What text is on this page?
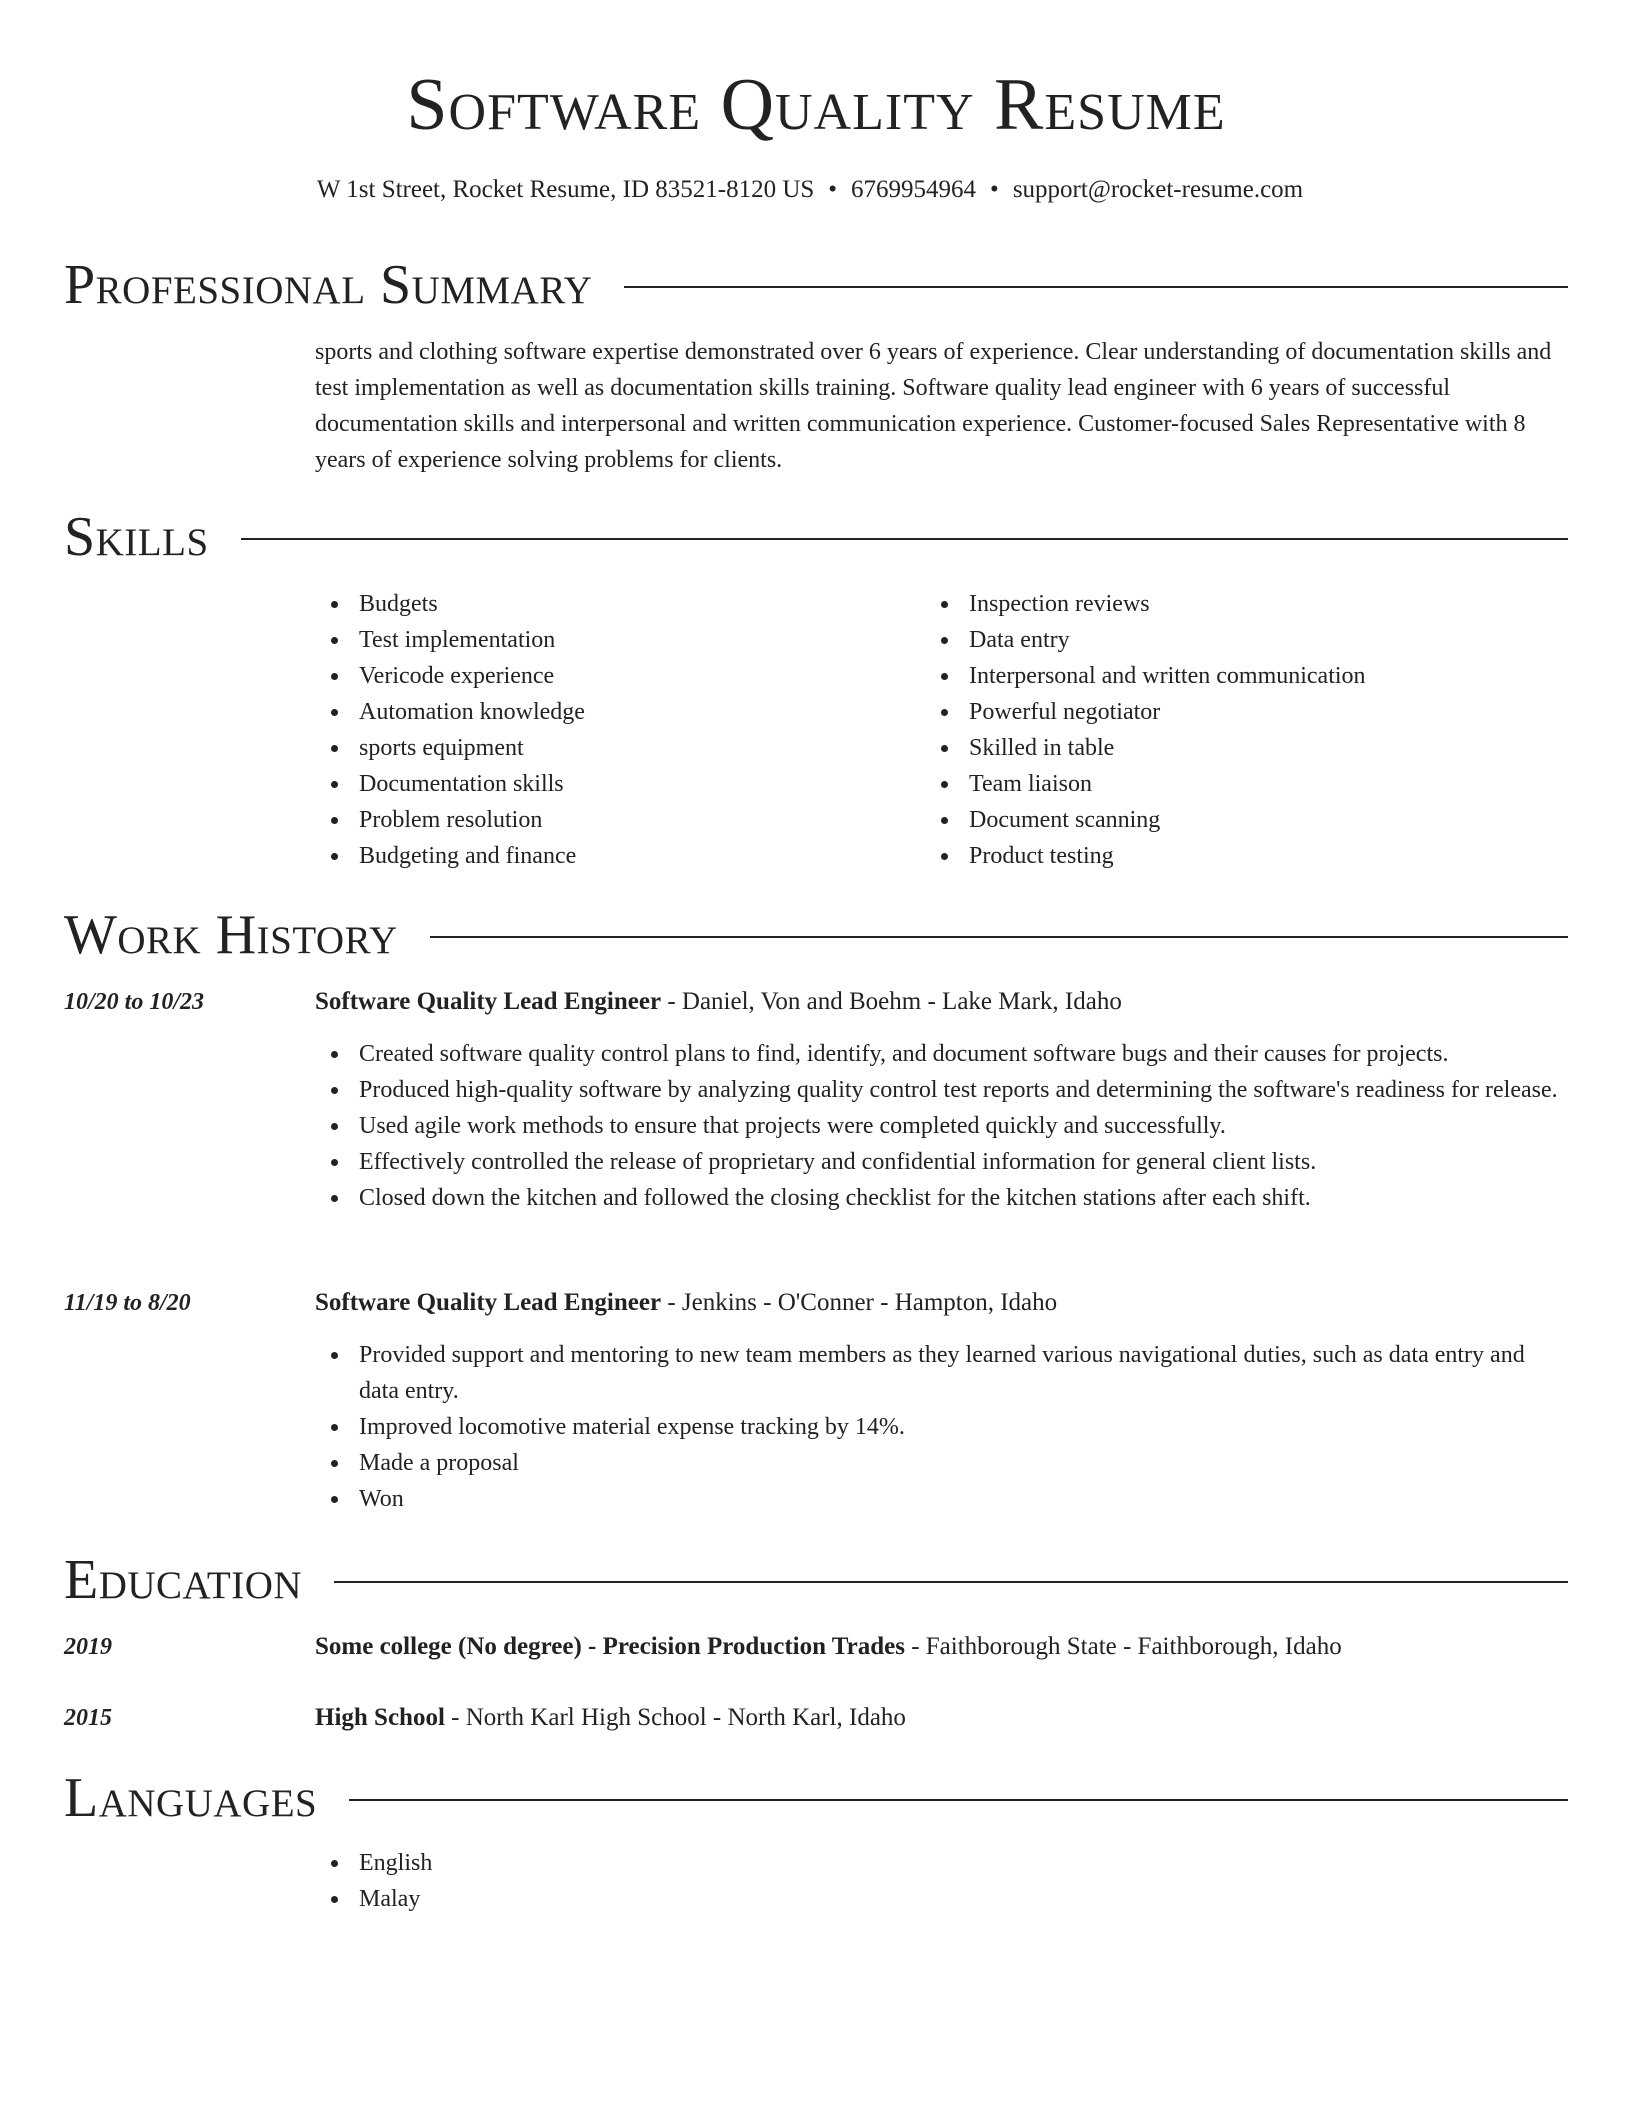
Software Quality Resume
W 1st Street, Rocket Resume, ID 83521-8120 US • 6769954964 • support@rocket-resume.com
Professional Summary
sports and clothing software expertise demonstrated over 6 years of experience. Clear understanding of documentation skills and test implementation as well as documentation skills training. Software quality lead engineer with 6 years of successful documentation skills and interpersonal and written communication experience. Customer-focused Sales Representative with 8 years of experience solving problems for clients.
Skills
Budgets
Test implementation
Vericode experience
Automation knowledge
sports equipment
Documentation skills
Problem resolution
Budgeting and finance
Inspection reviews
Data entry
Interpersonal and written communication
Powerful negotiator
Skilled in table
Team liaison
Document scanning
Product testing
Work History
10/20 to 10/23	Software Quality Lead Engineer - Daniel, Von and Boehm - Lake Mark, Idaho
Created software quality control plans to find, identify, and document software bugs and their causes for projects.
Produced high-quality software by analyzing quality control test reports and determining the software's readiness for release.
Used agile work methods to ensure that projects were completed quickly and successfully.
Effectively controlled the release of proprietary and confidential information for general client lists.
Closed down the kitchen and followed the closing checklist for the kitchen stations after each shift.
11/19 to 8/20	Software Quality Lead Engineer - Jenkins - O'Conner - Hampton, Idaho
Provided support and mentoring to new team members as they learned various navigational duties, such as data entry and data entry.
Improved locomotive material expense tracking by 14%.
Made a proposal
Won
Education
2019	Some college (No degree) - Precision Production Trades - Faithborough State - Faithborough, Idaho
2015	High School - North Karl High School - North Karl, Idaho
Languages
English
Malay
